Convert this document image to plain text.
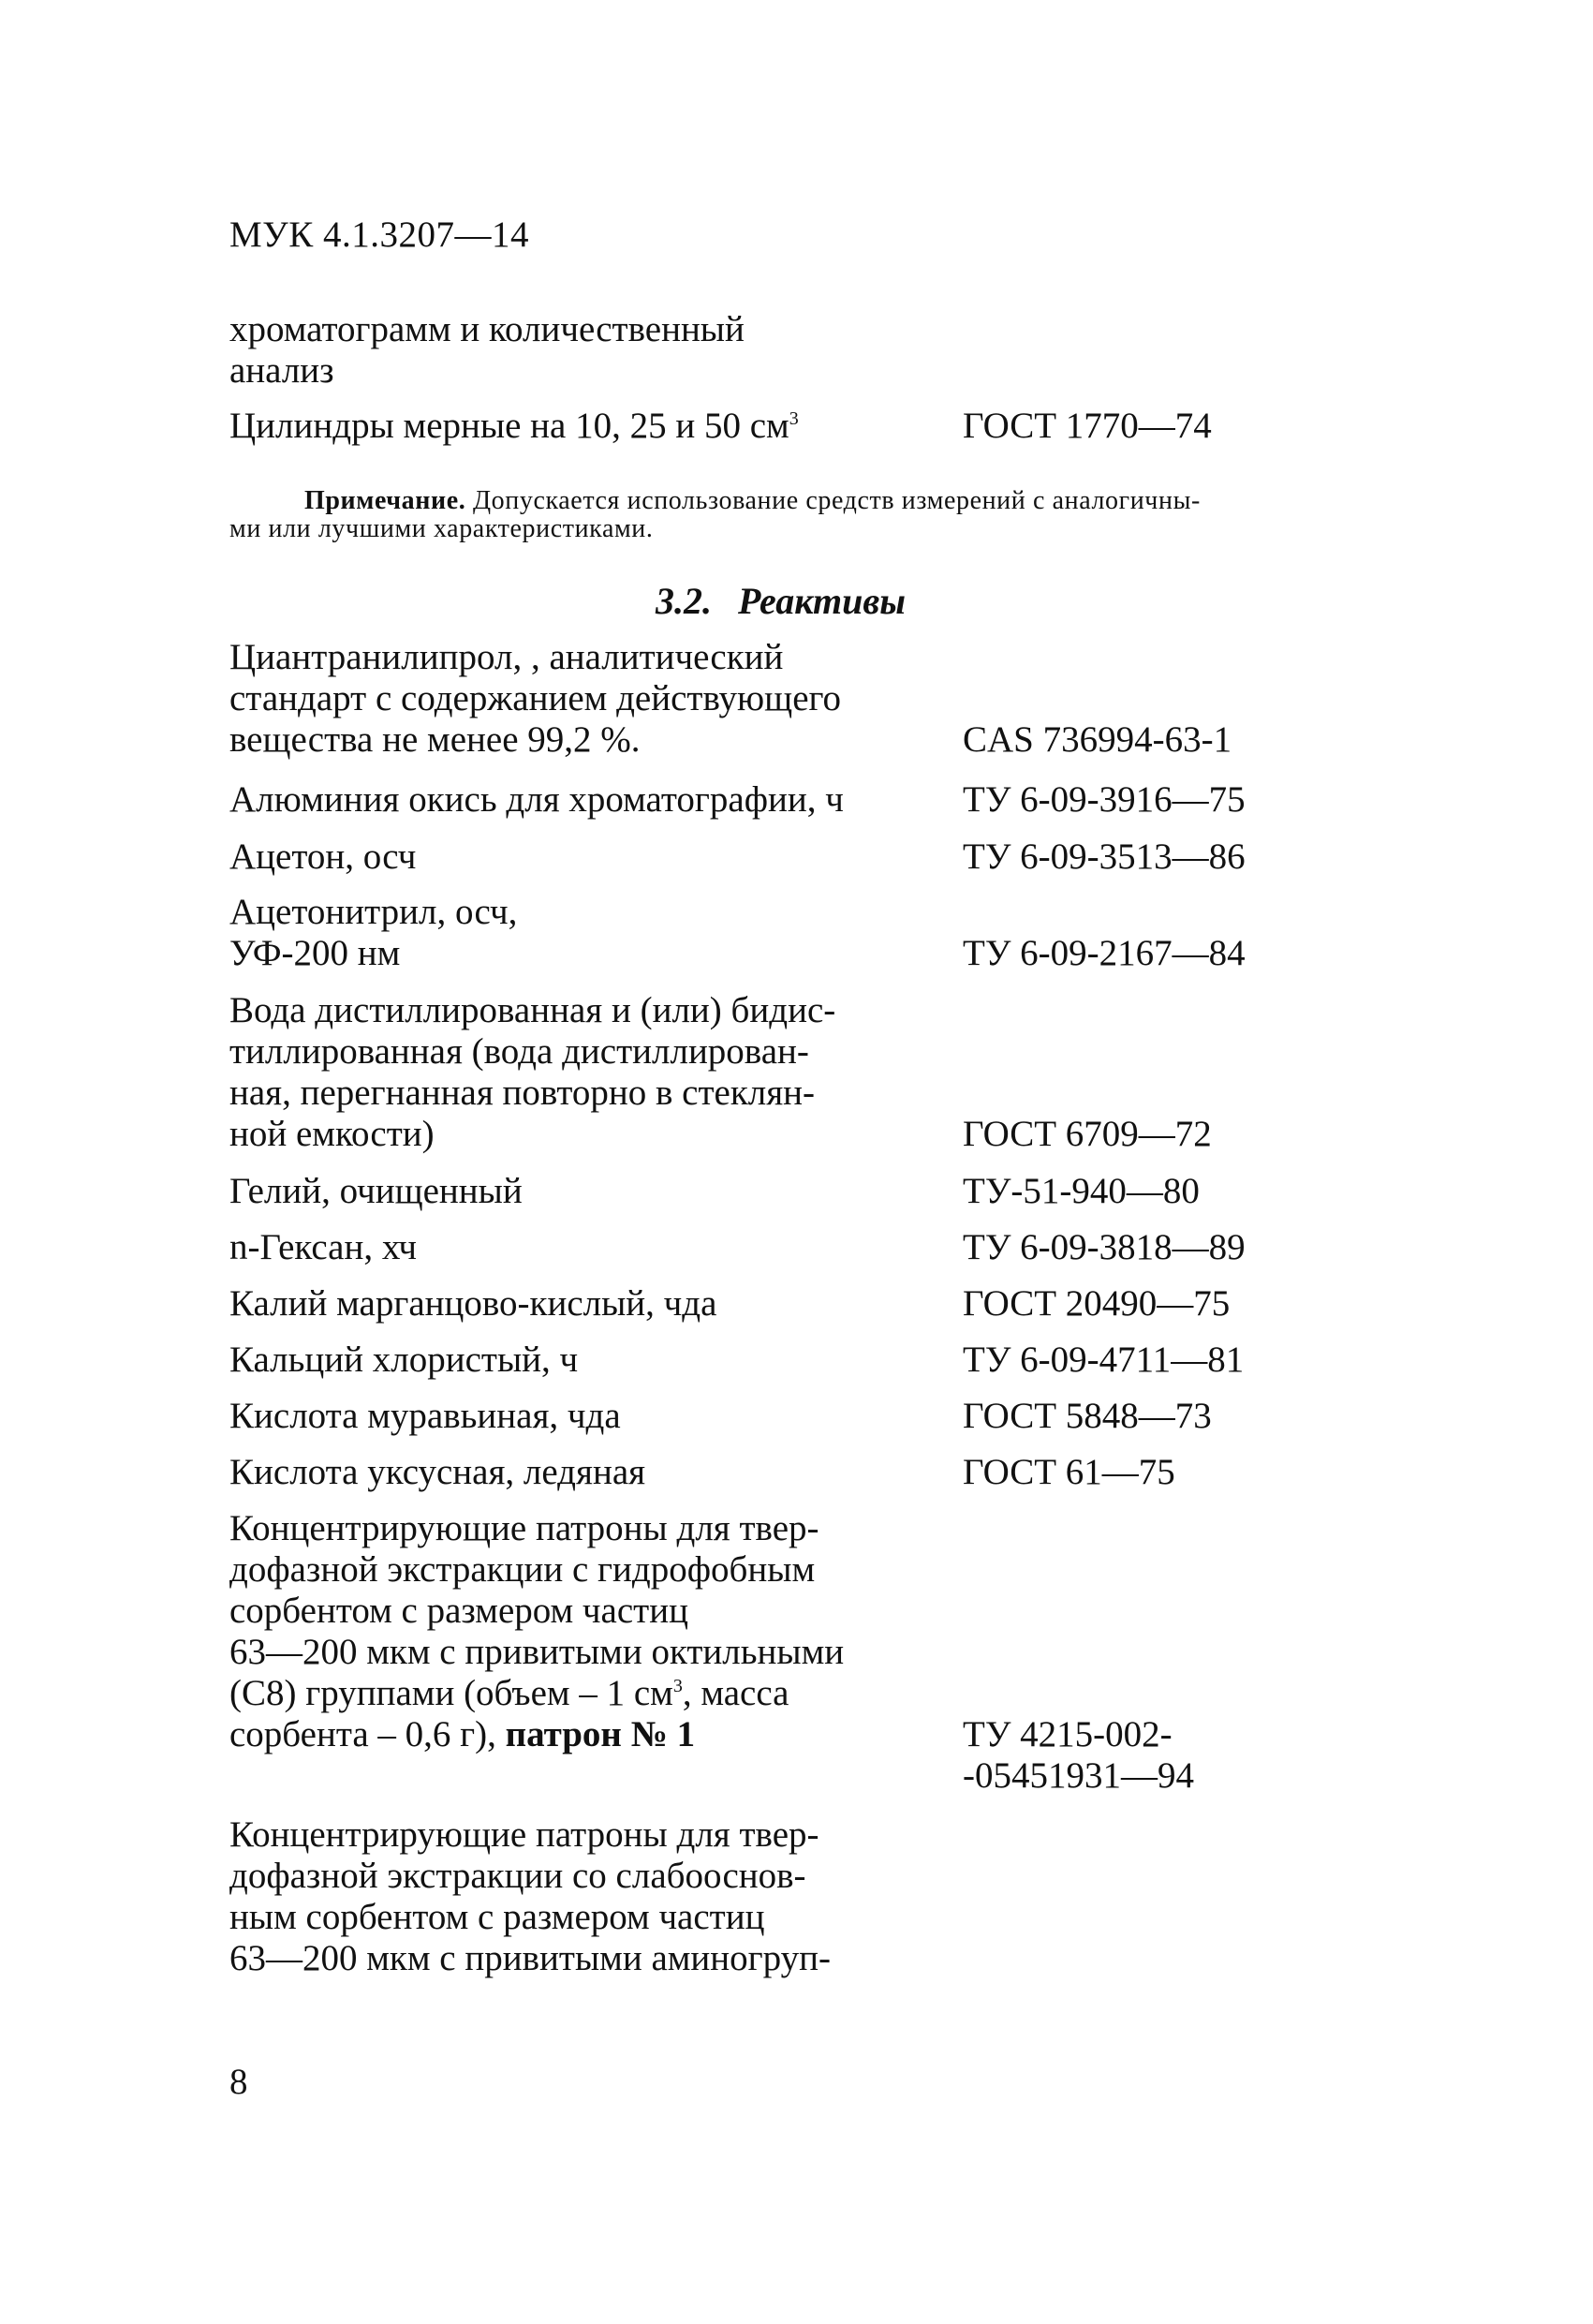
МУК 4.1.3207—14
хроматограмм и количественный
анализ
Цилиндры мерные на 10, 25 и 50 $см^3$	ГОСТ 1770—74
Примечание. Допускается использование средств измерений с аналогичны-
ми или лучшими характеристиками.
3.2. Реактивы
Циантранилипрол, , аналитический
стандарт с содержанием действующего
вещества не менее 99,2 %.	CAS 736994-63-1
Алюминия окись для хроматографии, ч	ТУ 6-09-3916—75
Ацетон, осч	ТУ 6-09-3513—86
Ацетонитрил, осч,
УФ-200 нм	ТУ 6-09-2167—84
Вода дистиллированная и (или) бидис-
тиллированная (вода дистиллирован-
ная, перегнанная повторно в стеклян-
ной емкости)	ГОСТ 6709—72
Гелий, очищенный	ТУ-51-940—80
n-Гексан, хч	ТУ 6-09-3818—89
Калий марганцово-кислый, чда	ГОСТ 20490—75
Кальций хлористый, ч	ТУ 6-09-4711—81
Кислота муравьиная, чда	ГОСТ 5848—73
Кислота уксусная, ледяная	ГОСТ 61—75
Концентрирующие патроны для твер-
дофазной экстракции с гидрофобным
сорбентом с размером частиц
63—200 мкм с привитыми октильными
(С8) группами (объем – 1 $см^3$, масса
сорбента – 0,6 г), патрон № 1	ТУ 4215-002-
-05451931—94
Концентрирующие патроны для твер-
дофазной экстракции со слабооснов-
ным сорбентом с размером частиц
63—200 мкм с привитыми аминогруп-
8
